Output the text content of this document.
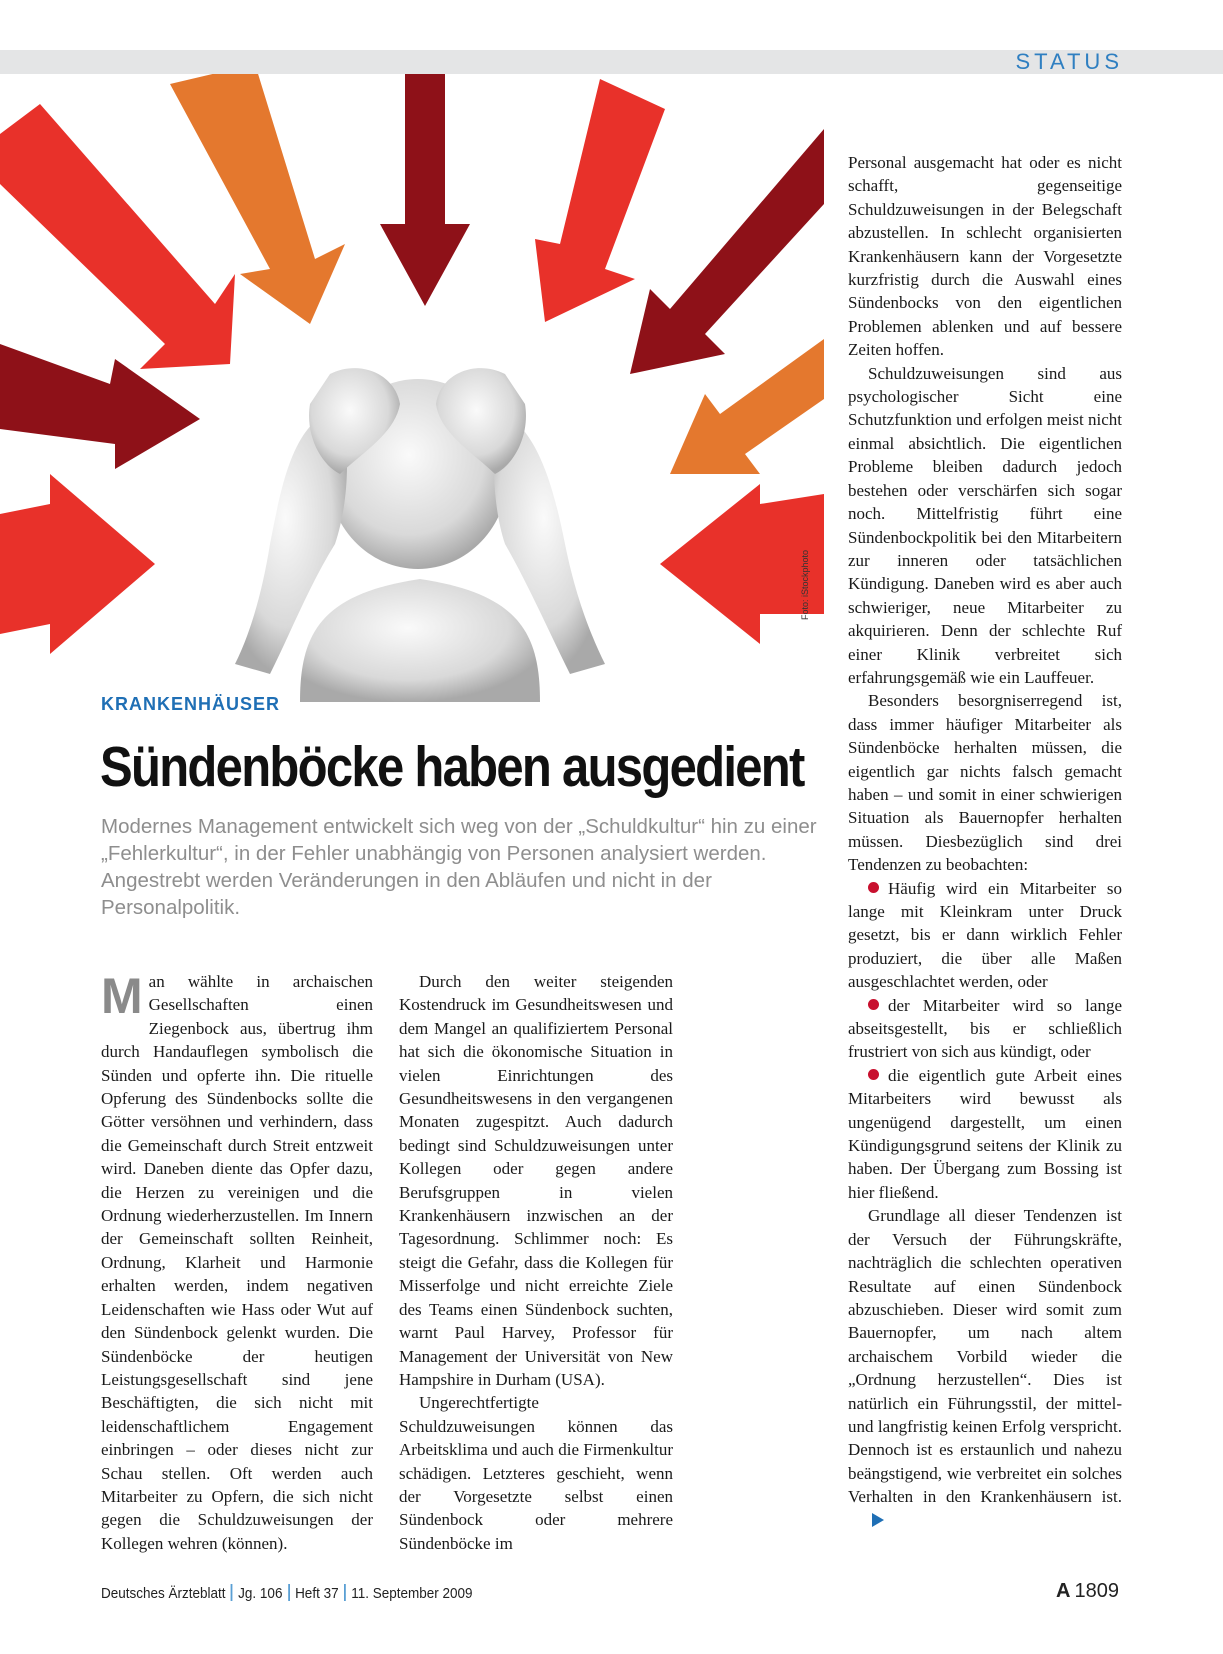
STATUS
Foto: iStockphoto
KRANKENHÄUSER
Sündenböcke haben ausgedient
Modernes Management entwickelt sich weg von der „Schuldkultur“ hin zu einer „Fehlerkultur“, in der Fehler unabhängig von Personen analysiert werden. Angestrebt werden Veränderungen in den Abläufen und nicht in der Personalpolitik.

Man wählte in archaischen Gesellschaften einen Ziegenbock aus, übertrug ihm durch Handauflegen symbolisch die Sünden und opferte ihn. Die rituelle Opferung des Sündenbocks sollte die Götter versöhnen und verhindern, dass die Gemeinschaft durch Streit entzweit wird. Daneben diente das Opfer dazu, die Herzen zu vereinigen und die Ordnung wiederherzustellen. Im Innern der Gemeinschaft sollten Reinheit, Ordnung, Klarheit und Harmonie erhalten werden, indem negativen Leidenschaften wie Hass oder Wut auf den Sündenbock gelenkt wurden. Die Sündenböcke der heutigen Leistungsgesellschaft sind jene Beschäftigten, die sich nicht mit leidenschaftlichem Engagement einbringen – oder dieses nicht zur Schau stellen. Oft werden auch Mitarbeiter zu Opfern, die sich nicht gegen die Schuldzuweisungen der Kollegen wehren (können).

Durch den weiter steigenden Kostendruck im Gesundheitswesen und dem Mangel an qualifiziertem Personal hat sich die ökonomische Situation in vielen Einrichtungen des Gesundheitswesens in den vergangenen Monaten zugespitzt. Auch dadurch bedingt sind Schuldzuweisungen unter Kollegen oder gegen andere Berufsgruppen in vielen Krankenhäusern inzwischen an der Tagesordnung. Schlimmer noch: Es steigt die Gefahr, dass die Kollegen für Misserfolge und nicht erreichte Ziele des Teams einen Sündenbock suchten, warnt Paul Harvey, Professor für Management der Universität von New Hampshire in Durham (USA).

Ungerechtfertigte Schuldzuweisungen können das Arbeitsklima und auch die Firmenkultur schädigen. Letzteres geschieht, wenn der Vorgesetzte selbst einen Sündenbock oder mehrere Sündenböcke im

Personal ausgemacht hat oder es nicht schafft, gegenseitige Schuldzuweisungen in der Belegschaft abzustellen. In schlecht organisierten Krankenhäusern kann der Vorgesetzte kurzfristig durch die Auswahl eines Sündenbocks von den eigentlichen Problemen ablenken und auf bessere Zeiten hoffen.

Schuldzuweisungen sind aus psychologischer Sicht eine Schutzfunktion und erfolgen meist nicht einmal absichtlich. Die eigentlichen Probleme bleiben dadurch jedoch bestehen oder verschärfen sich sogar noch. Mittelfristig führt eine Sündenbockpolitik bei den Mitarbeitern zur inneren oder tatsächlichen Kündigung. Daneben wird es aber auch schwieriger, neue Mitarbeiter zu akquirieren. Denn der schlechte Ruf einer Klinik verbreitet sich erfahrungsgemäß wie ein Lauffeuer.

Besonders besorgniserregend ist, dass immer häufiger Mitarbeiter als Sündenböcke herhalten müssen, die eigentlich gar nichts falsch gemacht haben – und somit in einer schwierigen Situation als Bauernopfer herhalten müssen. Diesbezüglich sind drei Tendenzen zu beobachten:

Häufig wird ein Mitarbeiter so lange mit Kleinkram unter Druck gesetzt, bis er dann wirklich Fehler produziert, die über alle Maßen ausgeschlachtet werden, oder

der Mitarbeiter wird so lange abseitsgestellt, bis er schließlich frustriert von sich aus kündigt, oder

die eigentlich gute Arbeit eines Mitarbeiters wird bewusst als ungenügend dargestellt, um einen Kündigungsgrund seitens der Klinik zu haben. Der Übergang zum Bossing ist hier fließend.

Grundlage all dieser Tendenzen ist der Versuch der Führungskräfte, nachträglich die schlechten operativen Resultate auf einen Sündenbock abzuschieben. Dieser wird somit zum Bauernopfer, um nach altem archaischem Vorbild wieder die „Ordnung herzustellen“. Dies ist natürlich ein Führungsstil, der mittel- und langfristig keinen Erfolg verspricht. Dennoch ist es erstaunlich und nahezu beängstigend, wie verbreitet ein solches Verhalten in den Krankenhäusern ist.

Deutsches Ärzteblatt Jg. 106 Heft 37 11. September 2009	A 1809
